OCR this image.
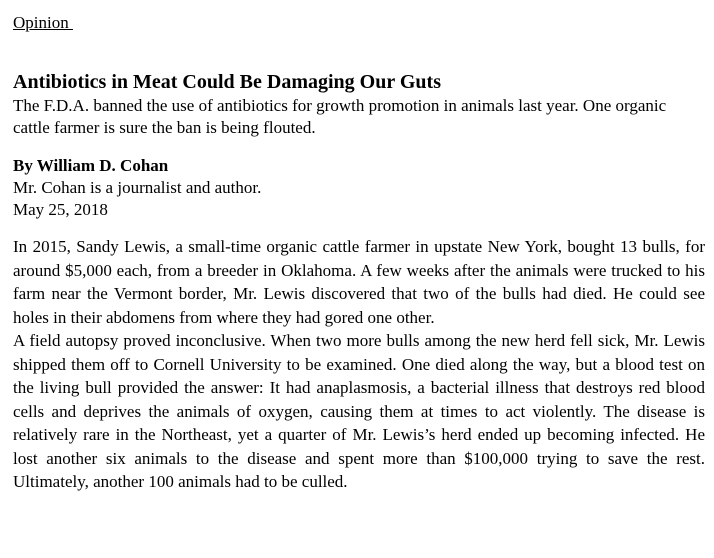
Opinion
Antibiotics in Meat Could Be Damaging Our Guts
The F.D.A. banned the use of antibiotics for growth promotion in animals last year. One organic cattle farmer is sure the ban is being flouted.
By William D. Cohan
Mr. Cohan is a journalist and author.
May 25, 2018

In 2015, Sandy Lewis, a small-time organic cattle farmer in upstate New York, bought 13 bulls, for around $5,000 each, from a breeder in Oklahoma. A few weeks after the animals were trucked to his farm near the Vermont border, Mr. Lewis discovered that two of the bulls had died. He could see holes in their abdomens from where they had gored one other.

A field autopsy proved inconclusive. When two more bulls among the new herd fell sick, Mr. Lewis shipped them off to Cornell University to be examined. One died along the way, but a blood test on the living bull provided the answer: It had anaplasmosis, a bacterial illness that destroys red blood cells and deprives the animals of oxygen, causing them at times to act violently. The disease is relatively rare in the Northeast, yet a quarter of Mr. Lewis’s herd ended up becoming infected. He lost another six animals to the disease and spent more than $100,000 trying to save the rest. Ultimately, another 100 animals had to be culled.
